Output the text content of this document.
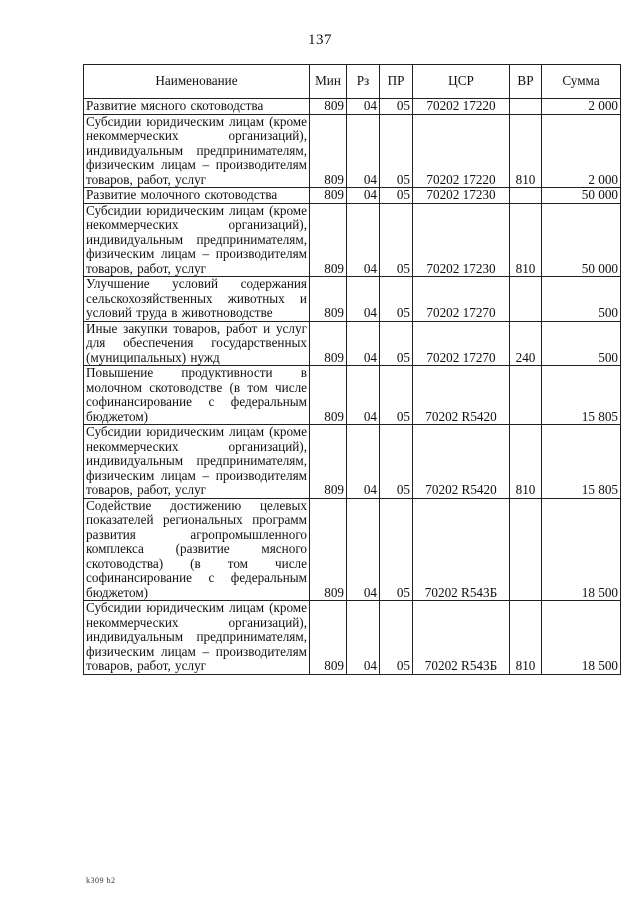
137
Наименование	Мин	Рз	ПР	ЦСР	ВР	Сумма
Развитие мясного скотоводства	809	04	05	70202 17220		2 000
Субсидии юридическим лицам (кроме некоммерческих организаций), индивидуальным предпринимателям, физическим лицам – производителям товаров, работ, услуг	809	04	05	70202 17220	810	2 000
Развитие молочного скотоводства	809	04	05	70202 17230		50 000
Субсидии юридическим лицам (кроме некоммерческих организаций), индивидуальным предпринимателям, физическим лицам – производителям товаров, работ, услуг	809	04	05	70202 17230	810	50 000
Улучшение условий содержания сельскохозяйственных животных и условий труда в животноводстве	809	04	05	70202 17270		500
Иные закупки товаров, работ и услуг для обеспечения государственных (муниципальных) нужд	809	04	05	70202 17270	240	500
Повышение продуктивности в молочном скотоводстве (в том числе софинансирование с федеральным бюджетом)	809	04	05	70202 R5420		15 805
Субсидии юридическим лицам (кроме некоммерческих организаций), индивидуальным предпринимателям, физическим лицам – производителям товаров, работ, услуг	809	04	05	70202 R5420	810	15 805
Содействие достижению целевых показателей региональных программ развития агропромышленного комплекса (развитие мясного скотоводства) (в том числе софинансирование с федеральным бюджетом)	809	04	05	70202 R543Б		18 500
Субсидии юридическим лицам (кроме некоммерческих организаций), индивидуальным предпринимателям, физическим лицам – производителям товаров, работ, услуг	809	04	05	70202 R543Б	810	18 500
k309 b2
